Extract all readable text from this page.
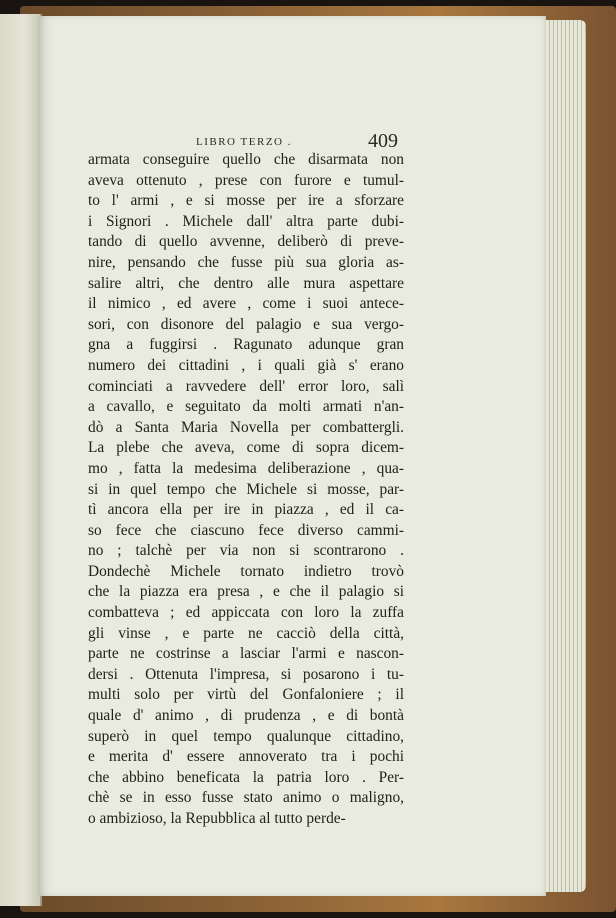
LIBRO TERZO .	409
armata conseguire quello che disarmata non
aveva ottenuto , prese con furore e tumul-
to l' armi , e si mosse per ire a sforzare
i Signori . Michele dall' altra parte dubi-
tando di quello avvenne, deliberò di preve-
nire, pensando che fusse più sua gloria as-
salire altri, che dentro alle mura aspettare
il nimico , ed avere , come i suoi antece-
sori, con disonore del palagio e sua vergo-
gna a fuggirsi . Ragunato adunque gran
numero dei cittadini , i quali già s' erano
cominciati a ravvedere dell' error loro, salì
a cavallo, e seguitato da molti armati n'an-
dò a Santa Maria Novella per combattergli.
La plebe che aveva, come di sopra dicem-
mo , fatta la medesima deliberazione , qua-
si in quel tempo che Michele si mosse, par-
tì ancora ella per ire in piazza , ed il ca-
so fece che ciascuno fece diverso cammi-
no ; talchè per via non si scontrarono .
Dondechè Michele tornato indietro trovò
che la piazza era presa , e che il palagio si
combatteva ; ed appiccata con loro la zuffa
gli vinse , e parte ne cacciò della città,
parte ne costrinse a lasciar l'armi e nascon-
dersi . Ottenuta l'impresa, si posarono i tu-
multi solo per virtù del Gonfaloniere ; il
quale d' animo , di prudenza , e di bontà
superò in quel tempo qualunque cittadino,
e merita d' essere annoverato tra i pochi
che abbino beneficata la patria loro . Per-
chè se in esso fusse stato animo o maligno,
o ambizioso, la Repubblica al tutto perde-
